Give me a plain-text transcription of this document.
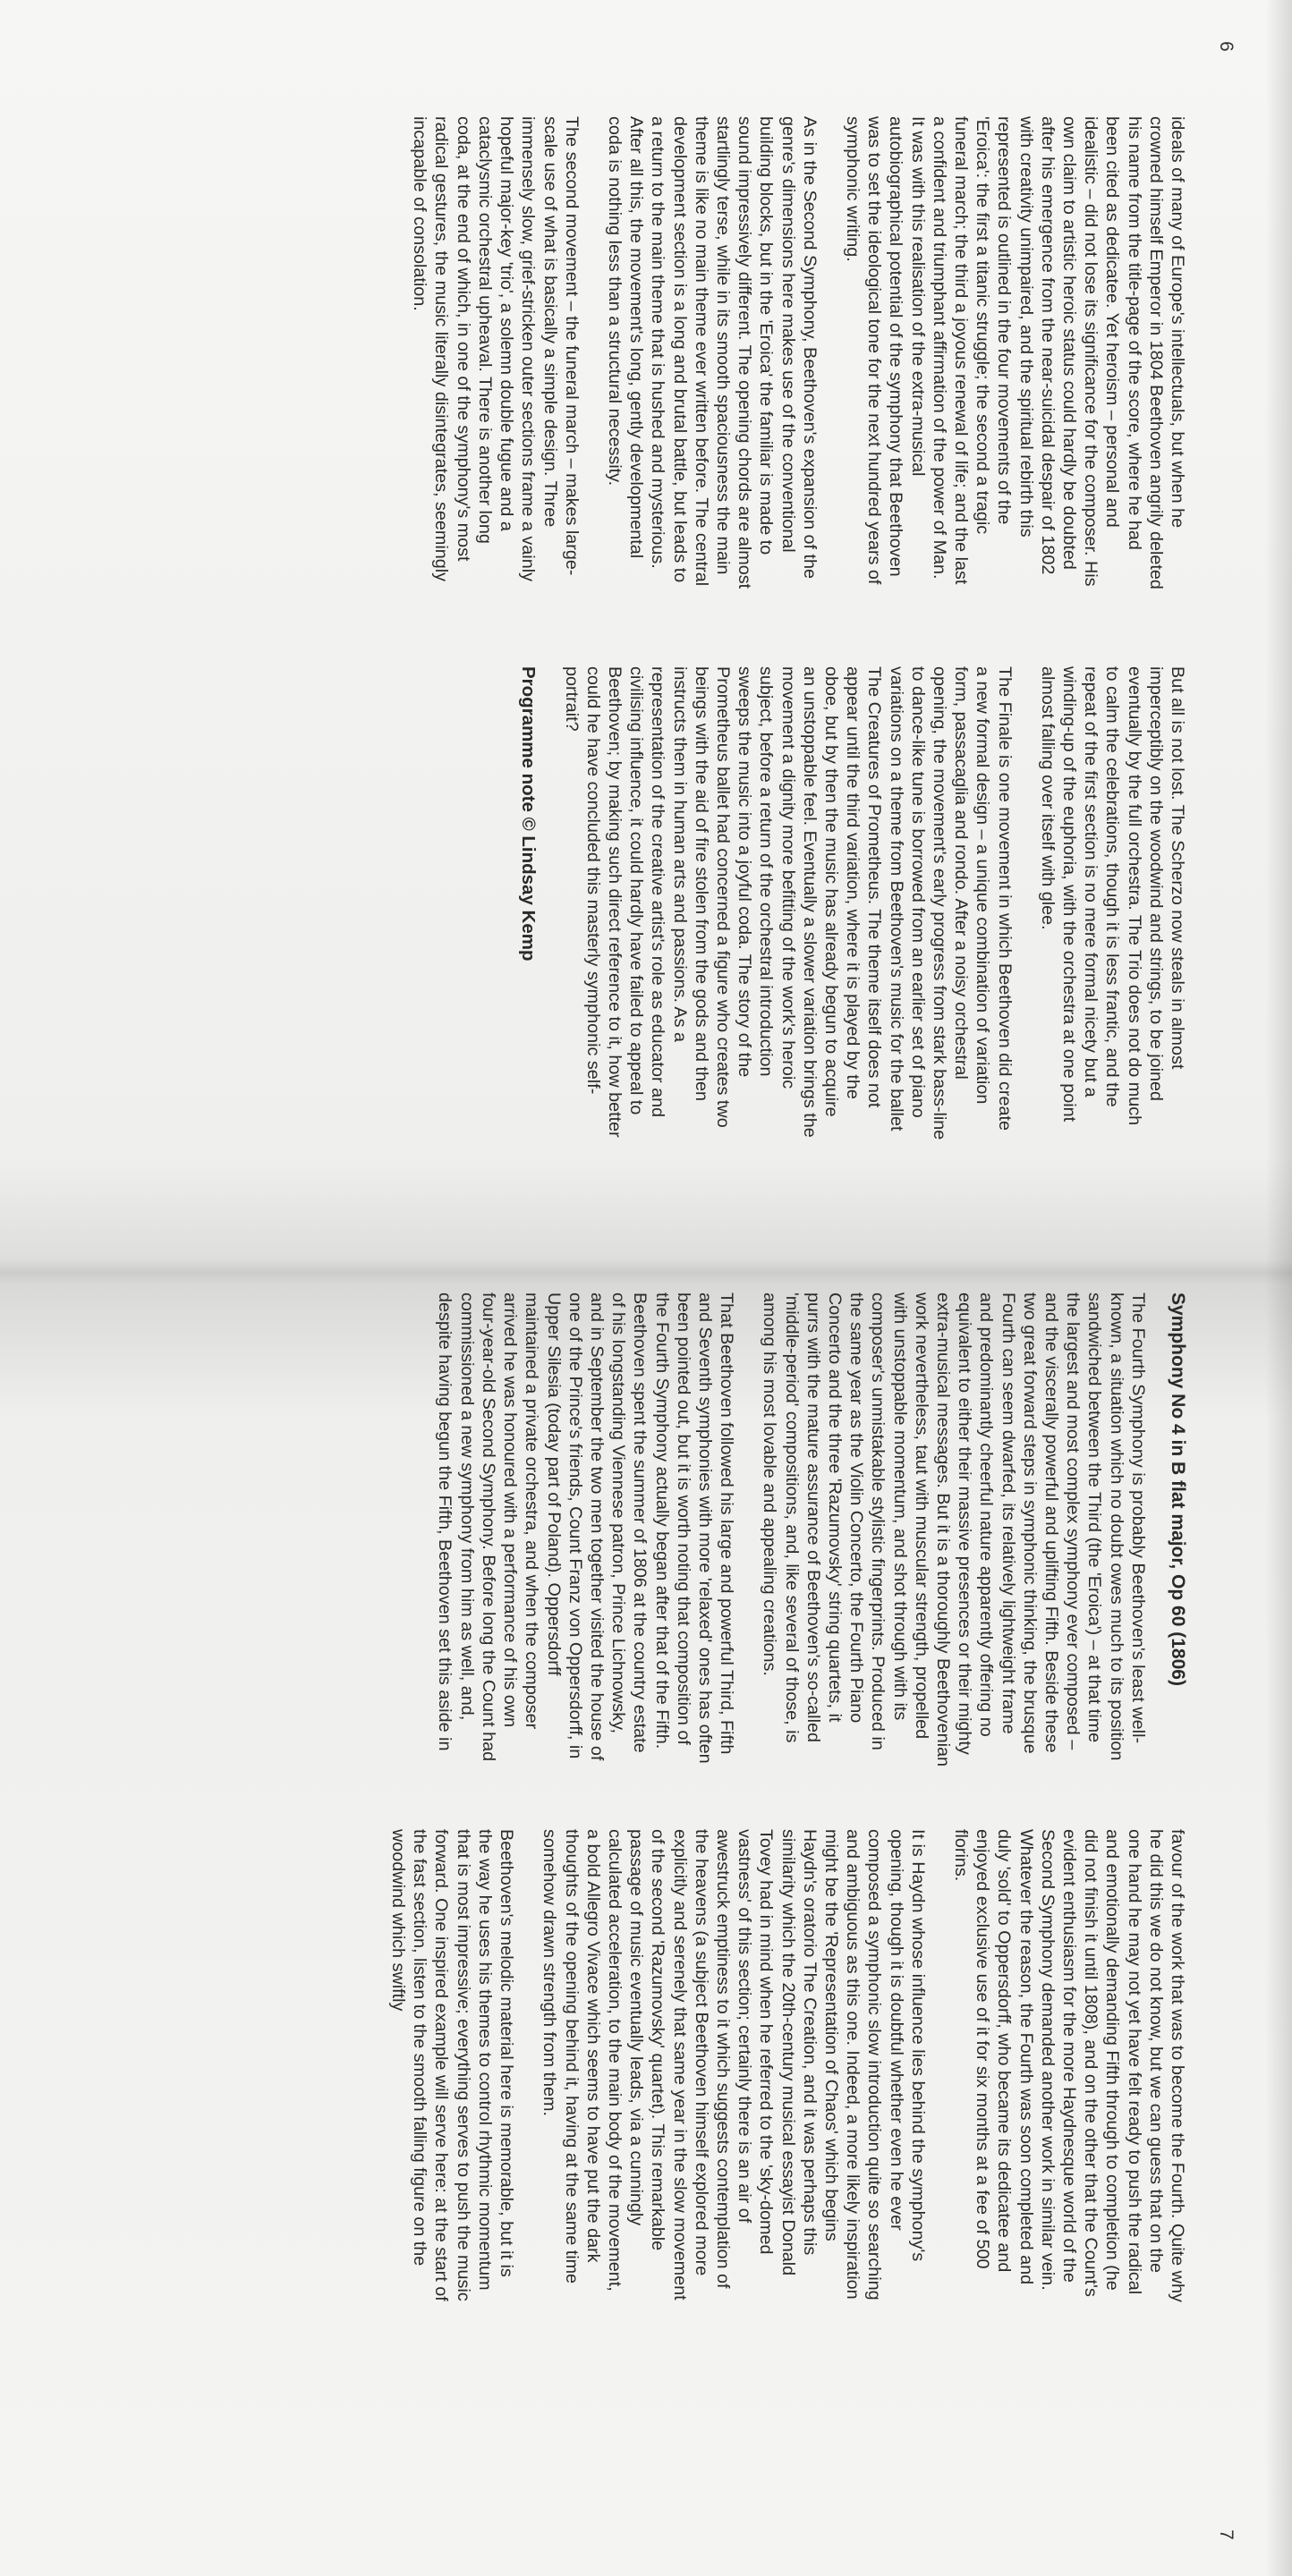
6

ideals of many of Europe's intellectuals, but when he crowned himself Emperor in 1804 Beethoven angrily deleted his name from the title-page of the score, where he had been cited as dedicatee. Yet heroism – personal and idealistic – did not lose its significance for the composer. His own claim to artistic heroic status could hardly be doubted after his emergence from the near-suicidal despair of 1802 with creativity unimpaired, and the spiritual rebirth this represented is outlined in the four movements of the 'Eroica': the first a titanic struggle; the second a tragic funeral march; the third a joyous renewal of life; and the last a confident and triumphant affirmation of the power of Man. It was with this realisation of the extra-musical autobiographical potential of the symphony that Beethoven was to set the ideological tone for the next hundred years of symphonic writing.

As in the Second Symphony, Beethoven's expansion of the genre's dimensions here makes use of the conventional building blocks, but in the 'Eroica' the familiar is made to sound impressively different. The opening chords are almost startlingly terse, while in its smooth spaciousness the main theme is like no main theme ever written before. The central development section is a long and brutal battle, but leads to a return to the main theme that is hushed and mysterious. After all this, the movement's long, gently developmental coda is nothing less than a structural necessity.

The second movement – the funeral march – makes large-scale use of what is basically a simple design. Three immensely slow, grief-stricken outer sections frame a vainly hopeful major-key 'trio', a solemn double fugue and a cataclysmic orchestral upheaval. There is another long coda, at the end of which, in one of the symphony's most radical gestures, the music literally disintegrates, seemingly incapable of consolation.

But all is not lost. The Scherzo now steals in almost imperceptibly on the woodwind and strings, to be joined eventually by the full orchestra. The Trio does not do much to calm the celebrations, though it is less frantic, and the repeat of the first section is no mere formal nicety but a winding-up of the euphoria, with the orchestra at one point almost falling over itself with glee.

The Finale is one movement in which Beethoven did create a new formal design – a unique combination of variation form, passacaglia and rondo. After a noisy orchestral opening, the movement's early progress from stark bass-line to dance-like tune is borrowed from an earlier set of piano variations on a theme from Beethoven's music for the ballet The Creatures of Prometheus. The theme itself does not appear until the third variation, where it is played by the oboe, but by then the music has already begun to acquire an unstoppable feel. Eventually a slower variation brings the movement a dignity more befitting of the work's heroic subject, before a return of the orchestral introduction sweeps the music into a joyful coda. The story of the Prometheus ballet had concerned a figure who creates two beings with the aid of fire stolen from the gods and then instructs them in human arts and passions. As a representation of the creative artist's role as educator and civilising influence, it could hardly have failed to appeal to Beethoven; by making such direct reference to it, how better could he have concluded this masterly symphonic self-portrait?

Programme note © Lindsay Kemp
Symphony No 4 in B flat major, Op 60 (1806)

The Fourth Symphony is probably Beethoven's least well-known, a situation which no doubt owes much to its position sandwiched between the Third (the 'Eroica') – at that time the largest and most complex symphony ever composed – and the viscerally powerful and uplifting Fifth. Beside these two great forward steps in symphonic thinking, the brusque Fourth can seem dwarfed, its relatively lightweight frame and predominantly cheerful nature apparently offering no equivalent to either their massive presences or their mighty extra-musical messages. But it is a thoroughly Beethovenian work nevertheless, taut with muscular strength, propelled with unstoppable momentum, and shot through with its composer's unmistakable stylistic fingerprints. Produced in the same year as the Violin Concerto, the Fourth Piano Concerto and the three 'Razumovsky' string quartets, it purrs with the mature assurance of Beethoven's so-called 'middle-period' compositions, and, like several of those, is among his most lovable and appealing creations.

That Beethoven followed his large and powerful Third, Fifth and Seventh symphonies with more 'relaxed' ones has often been pointed out, but it is worth noting that composition of the Fourth Symphony actually began after that of the Fifth. Beethoven spent the summer of 1806 at the country estate of his longstanding Viennese patron, Prince Lichnowsky, and in September the two men together visited the house of one of the Prince's friends, Count Franz von Oppersdorff, in Upper Silesia (today part of Poland). Oppersdorff maintained a private orchestra, and when the composer arrived he was honoured with a performance of his own four-year-old Second Symphony. Before long the Count had commissioned a new symphony from him as well, and, despite having begun the Fifth, Beethoven set this aside in

favour of the work that was to become the Fourth. Quite why he did this we do not know, but we can guess that on the one hand he may not yet have felt ready to push the radical and emotionally demanding Fifth through to completion (he did not finish it until 1808), and on the other that the Count's evident enthusiasm for the more Haydnesque world of the Second Symphony demanded another work in similar vein. Whatever the reason, the Fourth was soon completed and duly 'sold' to Oppersdorff, who became its dedicatee and enjoyed exclusive use of it for six months at a fee of 500 florins.

It is Haydn whose influence lies behind the symphony's opening, though it is doubtful whether even he ever composed a symphonic slow introduction quite so searching and ambiguous as this one. Indeed, a more likely inspiration might be the 'Representation of Chaos' which begins Haydn's oratorio The Creation, and it was perhaps this similarity which the 20th-century musical essayist Donald Tovey had in mind when he referred to the 'sky-domed vastness' of this section; certainly there is an air of awestruck emptiness to it which suggests contemplation of the heavens (a subject Beethoven himself explored more explicitly and serenely that same year in the slow movement of the second 'Razumovsky' quartet). This remarkable passage of music eventually leads, via a cunningly calculated acceleration, to the main body of the movement, a bold Allegro Vivace which seems to have put the dark thoughts of the opening behind it, having at the same time somehow drawn strength from them.

Beethoven's melodic material here is memorable, but it is the way he uses his themes to control rhythmic momentum that is most impressive; everything serves to push the music forward. One inspired example will serve here: at the start of the fast section, listen to the smooth falling figure on the woodwind which swiftly

7
